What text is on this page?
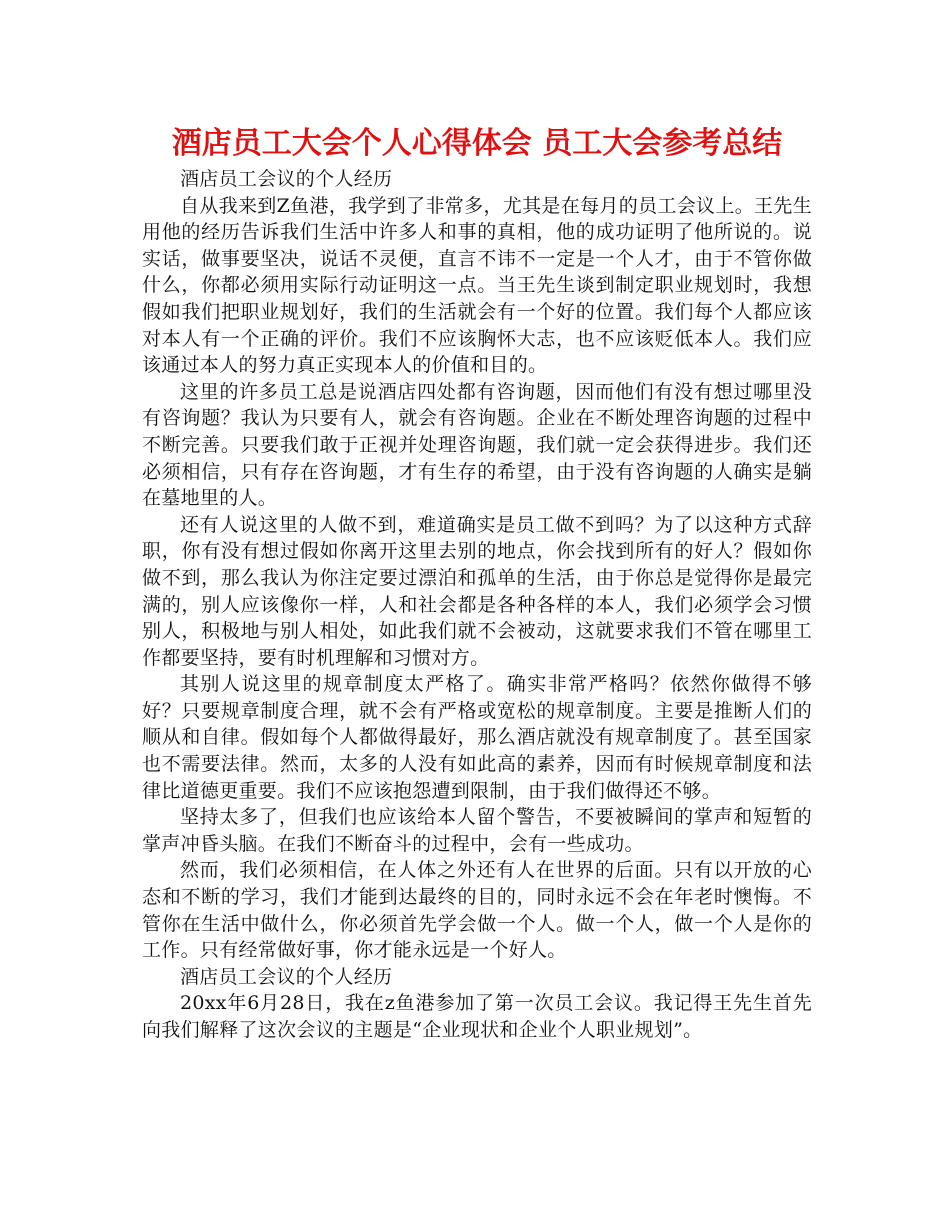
酒店员工大会个人心得体会 员工大会参考总结

酒店员工会议的个人经历

自从我来到Z鱼港，我学到了非常多，尤其是在每月的员工会议上。王先生用他的经历告诉我们生活中许多人和事的真相，他的成功证明了他所说的。说实话，做事要坚决，说话不灵便，直言不讳不一定是一个人才，由于不管你做什么，你都必须用实际行动证明这一点。当王先生谈到制定职业规划时，我想假如我们把职业规划好，我们的生活就会有一个好的位置。我们每个人都应该对本人有一个正确的评价。我们不应该胸怀大志，也不应该贬低本人。我们应该通过本人的努力真正实现本人的价值和目的。

这里的许多员工总是说酒店四处都有咨询题，因而他们有没有想过哪里没有咨询题？我认为只要有人，就会有咨询题。企业在不断处理咨询题的过程中不断完善。只要我们敢于正视并处理咨询题，我们就一定会获得进步。我们还必须相信，只有存在咨询题，才有生存的希望，由于没有咨询题的人确实是躺在墓地里的人。

还有人说这里的人做不到，难道确实是员工做不到吗？为了以这种方式辞职，你有没有想过假如你离开这里去别的地点，你会找到所有的好人？假如你做不到，那么我认为你注定要过漂泊和孤单的生活，由于你总是觉得你是最完满的，别人应该像你一样，人和社会都是各种各样的本人，我们必须学会习惯别人，积极地与别人相处，如此我们就不会被动，这就要求我们不管在哪里工作都要坚持，要有时机理解和习惯对方。

其别人说这里的规章制度太严格了。确实非常严格吗？依然你做得不够好？只要规章制度合理，就不会有严格或宽松的规章制度。主要是推断人们的顺从和自律。假如每个人都做得最好，那么酒店就没有规章制度了。甚至国家也不需要法律。然而，太多的人没有如此高的素养，因而有时候规章制度和法律比道德更重要。我们不应该抱怨遭到限制，由于我们做得还不够。

坚持太多了，但我们也应该给本人留个警告，不要被瞬间的掌声和短暂的掌声冲昏头脑。在我们不断奋斗的过程中，会有一些成功。

然而，我们必须相信，在人体之外还有人在世界的后面。只有以开放的心态和不断的学习，我们才能到达最终的目的，同时永远不会在年老时懊悔。不管你在生活中做什么，你必须首先学会做一个人。做一个人，做一个人是你的工作。只有经常做好事，你才能永远是一个好人。

酒店员工会议的个人经历

20xx年6月28日，我在z鱼港参加了第一次员工会议。我记得王先生首先向我们解释了这次会议的主题是“企业现状和企业个人职业规划”。
